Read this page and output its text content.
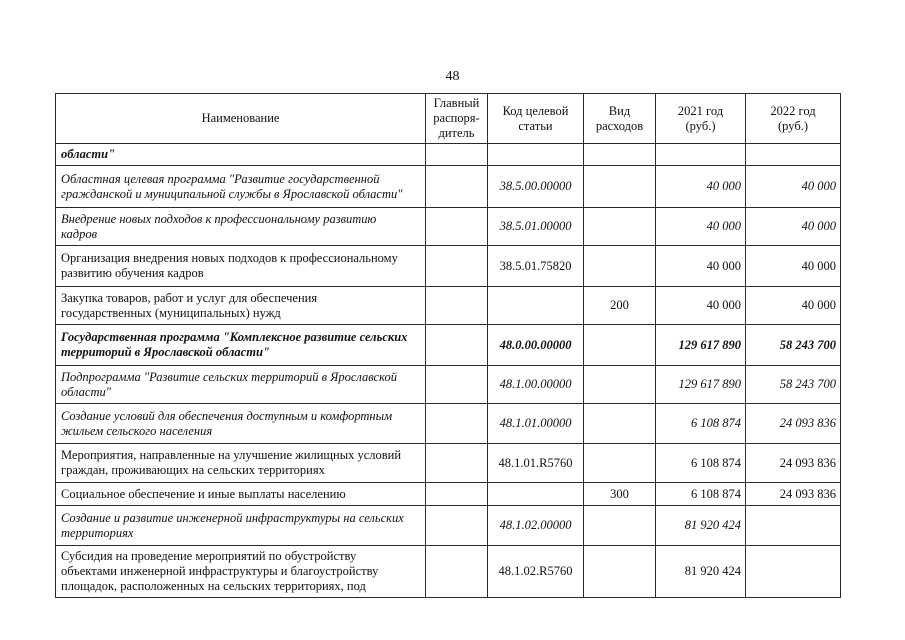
48
Наименование	Главный
распоря-
дитель	Код целевой
статьи	Вид
расходов	2021 год
(руб.)	2022 год
(руб.)
области"					
Областная целевая программа "Развитие государственной
гражданской и муниципальной службы в Ярославской области"		38.5.00.00000		40 000	40 000
Внедрение новых подходов к профессиональному развитию
кадров		38.5.01.00000		40 000	40 000
Организация внедрения новых подходов к профессиональному
развитию обучения кадров		38.5.01.75820		40 000	40 000
Закупка товаров, работ и услуг для обеспечения
государственных (муниципальных) нужд			200	40 000	40 000
Государственная программа "Комплексное развитие сельских
территорий в Ярославской области"		48.0.00.00000		129 617 890	58 243 700
Подпрограмма "Развитие сельских территорий в Ярославской
области"		48.1.00.00000		129 617 890	58 243 700
Создание условий для обеспечения доступным и комфортным
жильем сельского населения		48.1.01.00000		6 108 874	24 093 836
Мероприятия, направленные на улучшение жилищных условий
граждан, проживающих на сельских территориях		48.1.01.R5760		6 108 874	24 093 836
Социальное обеспечение и иные выплаты населению			300	6 108 874	24 093 836
Создание и развитие инженерной инфраструктуры на сельских
территориях		48.1.02.00000		81 920 424	
Субсидия на проведение мероприятий по обустройству
объектами инженерной инфраструктуры и благоустройству
площадок, расположенных на сельских территориях, под		48.1.02.R5760		81 920 424	
